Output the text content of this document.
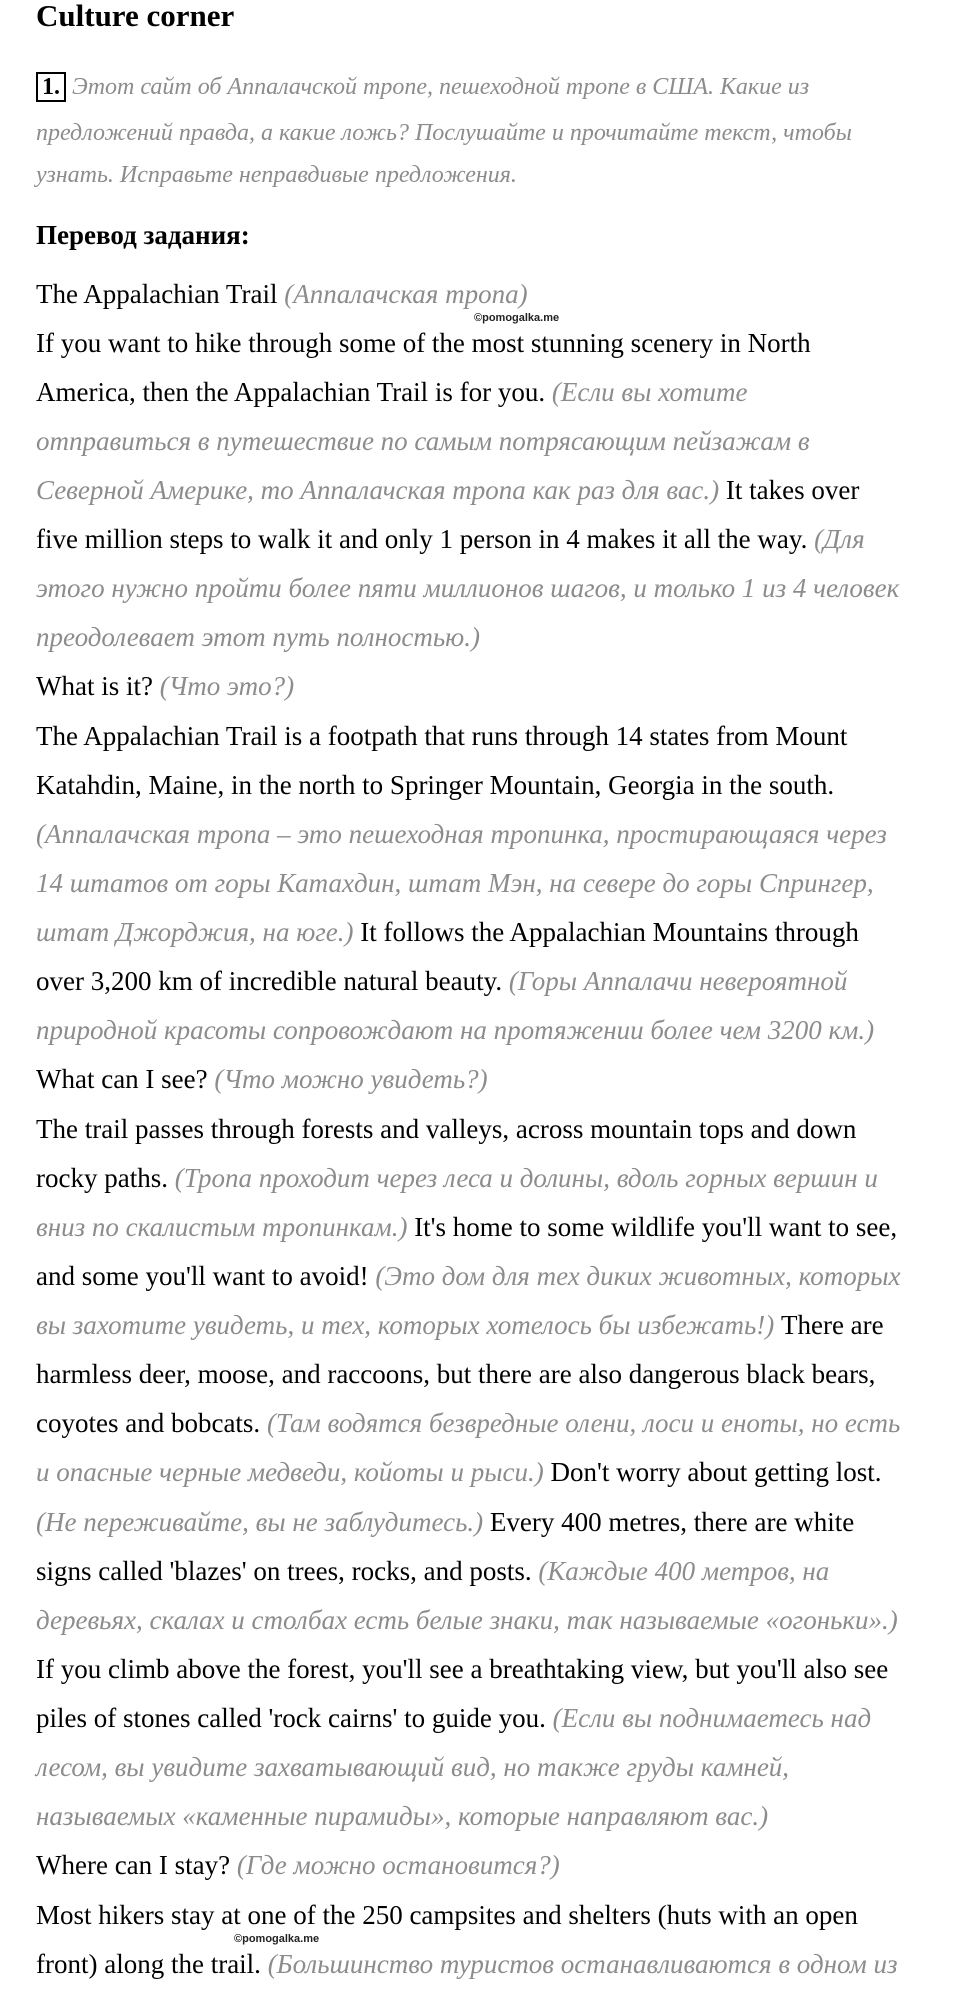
Culture corner
1. Этот сайт об Аппалачской тропе, пешеходной тропе в США. Какие из
предложений правда, а какие ложь? Послушайте и прочитайте текст, чтобы
узнать. Исправьте неправдивые предложения.
Перевод задания:
The Appalachian Trail (Аппалачская тропа)
©pomogalka.me
If you want to hike through some of the most stunning scenery in North
America, then the Appalachian Trail is for you. (Если вы хотите
отправиться в путешествие по самым потрясающим пейзажам в
Северной Америке, то Аппалачская тропа как раз для вас.) It takes over
five million steps to walk it and only 1 person in 4 makes it all the way. (Для
этого нужно пройти более пяти миллионов шагов, и только 1 из 4 человек
преодолевает этот путь полностью.)
What is it? (Что это?)
The Appalachian Trail is a footpath that runs through 14 states from Mount
Katahdin, Maine, in the north to Springer Mountain, Georgia in the south.
(Аппалачская тропа – это пешеходная тропинка, простирающаяся через
14 штатов от горы Катахдин, штат Мэн, на севере до горы Спрингер,
штат Джорджия, на юге.) It follows the Appalachian Mountains through
over 3,200 km of incredible natural beauty. (Горы Аппалачи невероятной
природной красоты сопровождают на протяжении более чем 3200 км.)
What can I see? (Что можно увидеть?)
The trail passes through forests and valleys, across mountain tops and down
rocky paths. (Тропа проходит через леса и долины, вдоль горных вершин и
вниз по скалистым тропинкам.) It's home to some wildlife you'll want to see,
and some you'll want to avoid! (Это дом для тех диких животных, которых
вы захотите увидеть, и тех, которых хотелось бы избежать!) There are
harmless deer, moose, and raccoons, but there are also dangerous black bears,
coyotes and bobcats. (Там водятся безвредные олени, лоси и еноты, но есть
и опасные черные медведи, койоты и рыси.) Don't worry about getting lost.
(Не переживайте, вы не заблудитесь.) Every 400 metres, there are white
signs called 'blazes' on trees, rocks, and posts. (Каждые 400 метров, на
деревьях, скалах и столбах есть белые знаки, так называемые «огоньки».)
If you climb above the forest, you'll see a breathtaking view, but you'll also see
piles of stones called 'rock cairns' to guide you. (Если вы поднимаетесь над
лесом, вы увидите захватывающий вид, но также груды камней,
называемых «каменные пирамиды», которые направляют вас.)
Where can I stay? (Где можно остановится?)
Most hikers stay at one of the 250 campsites and shelters (huts with an open
©pomogalka.me
front) along the trail. (Большинство туристов останавливаются в одном из
